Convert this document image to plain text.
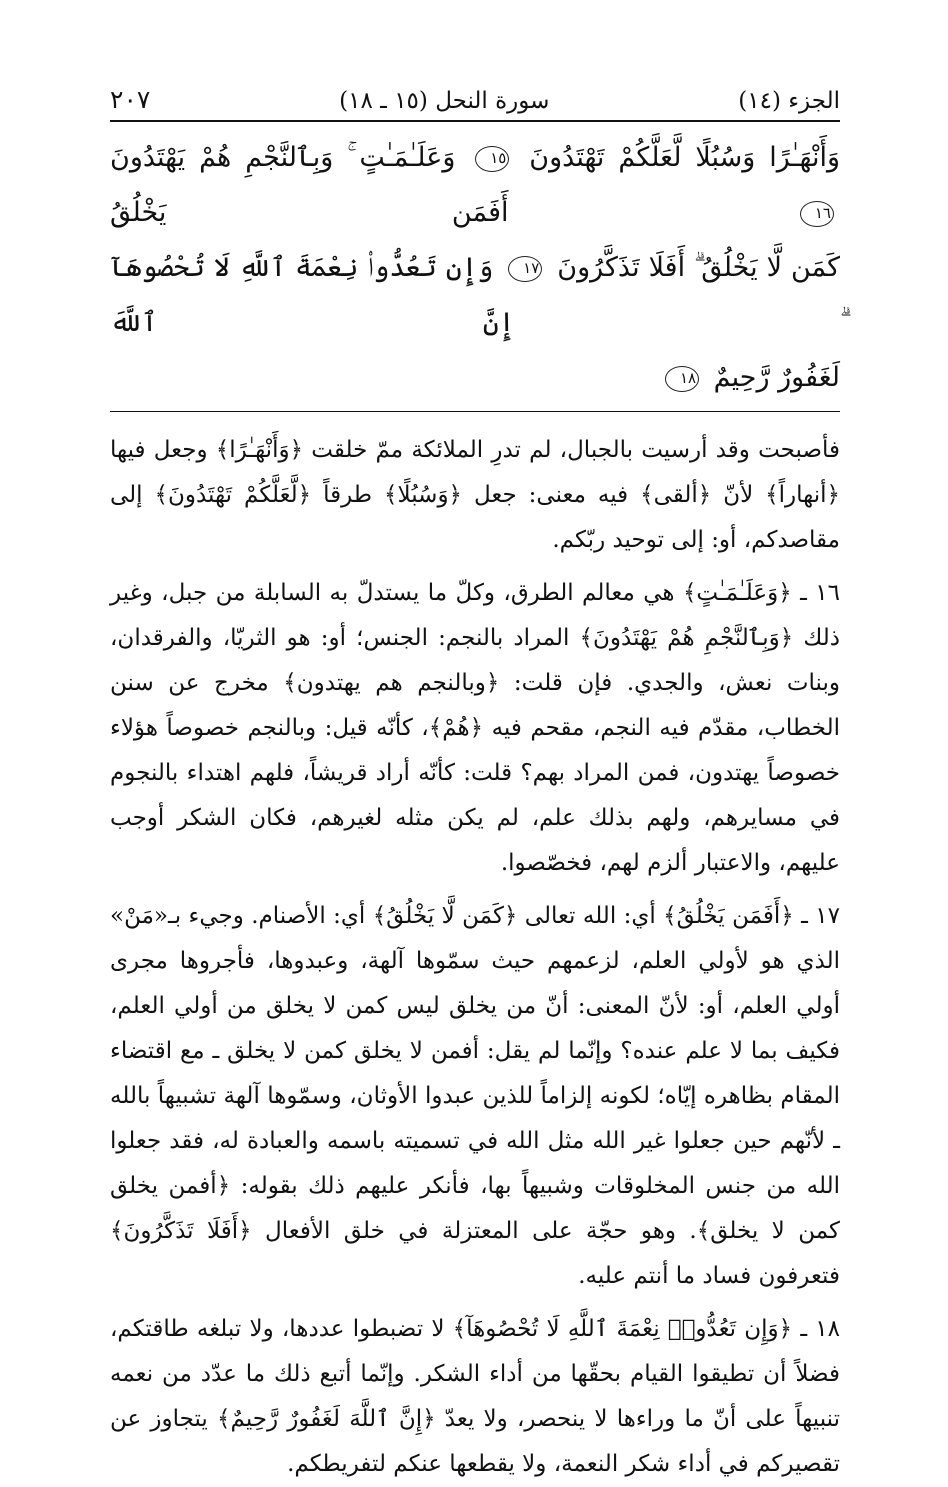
الجزء (١٤)
سورة النحل (١٥ ـ ١٨)
٢٠٧
وَأَنْهَـٰرًا وَسُبُلًا لَّعَلَّكُمْ تَهْتَدُونَ ١٥ وَعَلَـٰمَـٰتٍ ۚ وَبِٱلنَّجْمِ هُمْ يَهْتَدُونَ ١٦ أَفَمَن يَخْلُقُ
كَمَن لَّا يَخْلُقُ ۗ أَفَلَا تَذَكَّرُونَ ١٧ وَإِن تَعُدُّوا۟ نِعْمَةَ ٱللَّهِ لَا تُحْصُوهَآ ۗ إِنَّ ٱللَّهَ
لَغَفُورٌ رَّحِيمٌ ١٨

فأصبحت وقد أرسيت بالجبال، لم تدرِ الملائكة ممّ خلقت ﴿وَأَنْهَـٰرًا﴾ وجعل فيها ﴿أنهاراً﴾ لأنّ ﴿ألقى﴾ فيه معنى: جعل ﴿وَسُبُلًا﴾ طرقاً ﴿لَّعَلَّكُمْ تَهْتَدُونَ﴾ إلى مقاصدكم، أو: إلى توحيد ربّكم.

١٦ ـ ﴿وَعَلَـٰمَـٰتٍ﴾ هي معالم الطرق، وكلّ ما يستدلّ به السابلة من جبل، وغير ذلك ﴿وَبِٱلنَّجْمِ هُمْ يَهْتَدُونَ﴾ المراد بالنجم: الجنس؛ أو: هو الثريّا، والفرقدان، وبنات نعش، والجدي. فإن قلت: ﴿وبالنجم هم يهتدون﴾ مخرج عن سنن الخطاب، مقدّم فيه النجم، مقحم فيه ﴿هُمْ﴾، كأنّه قيل: وبالنجم خصوصاً هؤلاء خصوصاً يهتدون، فمن المراد بهم؟ قلت: كأنّه أراد قريشاً، فلهم اهتداء بالنجوم في مسايرهم، ولهم بذلك علم، لم يكن مثله لغيرهم، فكان الشكر أوجب عليهم، والاعتبار ألزم لهم، فخصّصوا.

١٧ ـ ﴿أَفَمَن يَخْلُقُ﴾ أي: الله تعالى ﴿كَمَن لَّا يَخْلُقُ﴾ أي: الأصنام. وجيء بـ«مَنْ» الذي هو لأولي العلم، لزعمهم حيث سمّوها آلهة، وعبدوها، فأجروها مجرى أولي العلم، أو: لأنّ المعنى: أنّ من يخلق ليس كمن لا يخلق من أولي العلم، فكيف بما لا علم عنده؟ وإنّما لم يقل: أفمن لا يخلق كمن لا يخلق ـ مع اقتضاء المقام بظاهره إيّاه؛ لكونه إلزاماً للذين عبدوا الأوثان، وسمّوها آلهة تشبيهاً بالله ـ لأنّهم حين جعلوا غير الله مثل الله في تسميته باسمه والعبادة له، فقد جعلوا الله من جنس المخلوقات وشبيهاً بها، فأنكر عليهم ذلك بقوله: ﴿أفمن يخلق كمن لا يخلق﴾. وهو حجّة على المعتزلة في خلق الأفعال ﴿أَفَلَا تَذَكَّرُونَ﴾ فتعرفون فساد ما أنتم عليه.

١٨ ـ ﴿وَإِن تَعُدُّوا۟ نِعْمَةَ ٱللَّهِ لَا تُحْصُوهَآ﴾ لا تضبطوا عددها، ولا تبلغه طاقتكم، فضلاً أن تطيقوا القيام بحقّها من أداء الشكر. وإنّما أتبع ذلك ما عدّد من نعمه تنبيهاً على أنّ ما وراءها لا ينحصر، ولا يعدّ ﴿إِنَّ ٱللَّهَ لَغَفُورٌ رَّحِيمٌ﴾ يتجاوز عن تقصيركم في أداء شكر النعمة، ولا يقطعها عنكم لتفريطكم.
